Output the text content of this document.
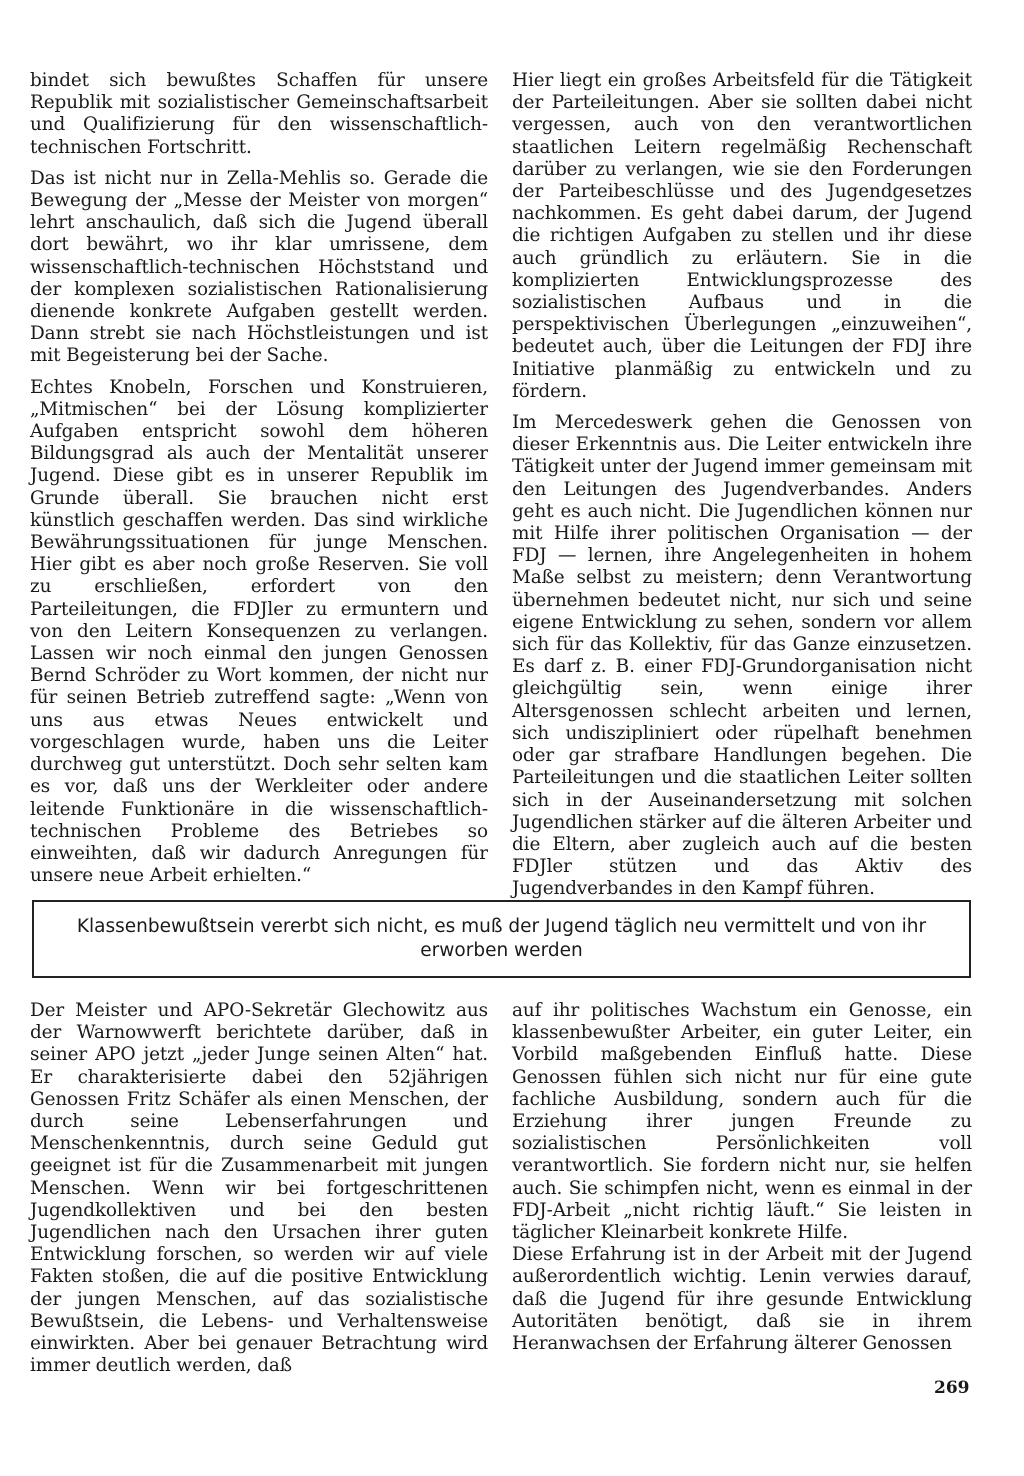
bindet sich bewußtes Schaffen für unsere Republik mit sozialistischer Gemeinschaftsarbeit und Qualifizierung für den wissenschaftlich-technischen Fortschritt.

Das ist nicht nur in Zella-Mehlis so. Gerade die Bewegung der „Messe der Meister von morgen“ lehrt anschaulich, daß sich die Jugend überall dort bewährt, wo ihr klar umrissene, dem wissenschaftlich-technischen Höchststand und der komplexen sozialistischen Rationalisierung dienende konkrete Aufgaben gestellt werden. Dann strebt sie nach Höchstleistungen und ist mit Begeisterung bei der Sache.

Echtes Knobeln, Forschen und Konstruieren, „Mitmischen“ bei der Lösung komplizierter Aufgaben entspricht sowohl dem höheren Bildungsgrad als auch der Mentalität unserer Jugend. Diese gibt es in unserer Republik im Grunde überall. Sie brauchen nicht erst künstlich geschaffen werden. Das sind wirkliche Bewährungssituationen für junge Menschen. Hier gibt es aber noch große Reserven. Sie voll zu erschließen, erfordert von den Parteileitungen, die FDJler zu ermuntern und von den Leitern Konsequenzen zu verlangen. Lassen wir noch einmal den jungen Genossen Bernd Schröder zu Wort kommen, der nicht nur für seinen Betrieb zutreffend sagte: „Wenn von uns aus etwas Neues entwickelt und vorgeschlagen wurde, haben uns die Leiter durchweg gut unterstützt. Doch sehr selten kam es vor, daß uns der Werkleiter oder andere leitende Funktionäre in die wissenschaftlich-technischen Probleme des Betriebes so einweihten, daß wir dadurch Anregungen für unsere neue Arbeit erhielten.“

Hier liegt ein großes Arbeitsfeld für die Tätigkeit der Parteileitungen. Aber sie sollten dabei nicht vergessen, auch von den verantwortlichen staatlichen Leitern regelmäßig Rechenschaft darüber zu verlangen, wie sie den Forderungen der Parteibeschlüsse und des Jugendgesetzes nachkommen. Es geht dabei darum, der Jugend die richtigen Aufgaben zu stellen und ihr diese auch gründlich zu erläutern. Sie in die komplizierten Entwicklungsprozesse des sozialistischen Aufbaus und in die perspektivischen Überlegungen „einzuweihen“, bedeutet auch, über die Leitungen der FDJ ihre Initiative planmäßig zu entwickeln und zu fördern.

Im Mercedeswerk gehen die Genossen von dieser Erkenntnis aus. Die Leiter entwickeln ihre Tätigkeit unter der Jugend immer gemeinsam mit den Leitungen des Jugendverbandes. Anders geht es auch nicht. Die Jugendlichen können nur mit Hilfe ihrer politischen Organisation — der FDJ — lernen, ihre Angelegenheiten in hohem Maße selbst zu meistern; denn Verantwortung übernehmen bedeutet nicht, nur sich und seine eigene Entwicklung zu sehen, sondern vor allem sich für das Kollektiv, für das Ganze einzusetzen. Es darf z. B. einer FDJ-Grundorganisation nicht gleichgültig sein, wenn einige ihrer Altersgenossen schlecht arbeiten und lernen, sich undiszipliniert oder rüpelhaft benehmen oder gar strafbare Handlungen begehen. Die Parteileitungen und die staatlichen Leiter sollten sich in der Auseinandersetzung mit solchen Jugendlichen stärker auf die älteren Arbeiter und die Eltern, aber zugleich auch auf die besten FDJler stützen und das Aktiv des Jugendverbandes in den Kampf führen.

Klassenbewußtsein vererbt sich nicht, es muß der Jugend täglich neu vermittelt und von ihr erworben werden

Der Meister und APO-Sekretär Glechowitz aus der Warnowwerft berichtete darüber, daß in seiner APO jetzt „jeder Junge seinen Alten“ hat. Er charakterisierte dabei den 52jährigen Genossen Fritz Schäfer als einen Menschen, der durch seine Lebenserfahrungen und Menschenkenntnis, durch seine Geduld gut geeignet ist für die Zusammenarbeit mit jungen Menschen. Wenn wir bei fortgeschrittenen Jugendkollektiven und bei den besten Jugendlichen nach den Ursachen ihrer guten Entwicklung forschen, so werden wir auf viele Fakten stoßen, die auf die positive Entwicklung der jungen Menschen, auf das sozialistische Bewußtsein, die Lebens- und Verhaltensweise einwirkten. Aber bei genauer Betrachtung wird immer deutlich werden, daß

auf ihr politisches Wachstum ein Genosse, ein klassenbewußter Arbeiter, ein guter Leiter, ein Vorbild maßgebenden Einfluß hatte. Diese Genossen fühlen sich nicht nur für eine gute fachliche Ausbildung, sondern auch für die Erziehung ihrer jungen Freunde zu sozialistischen Persönlichkeiten voll verantwortlich. Sie fordern nicht nur, sie helfen auch. Sie schimpfen nicht, wenn es einmal in der FDJ-Arbeit „nicht richtig läuft.“ Sie leisten in täglicher Kleinarbeit konkrete Hilfe.

Diese Erfahrung ist in der Arbeit mit der Jugend außerordentlich wichtig. Lenin verwies darauf, daß die Jugend für ihre gesunde Entwicklung Autoritäten benötigt, daß sie in ihrem Heranwachsen der Erfahrung älterer Genossen

269
